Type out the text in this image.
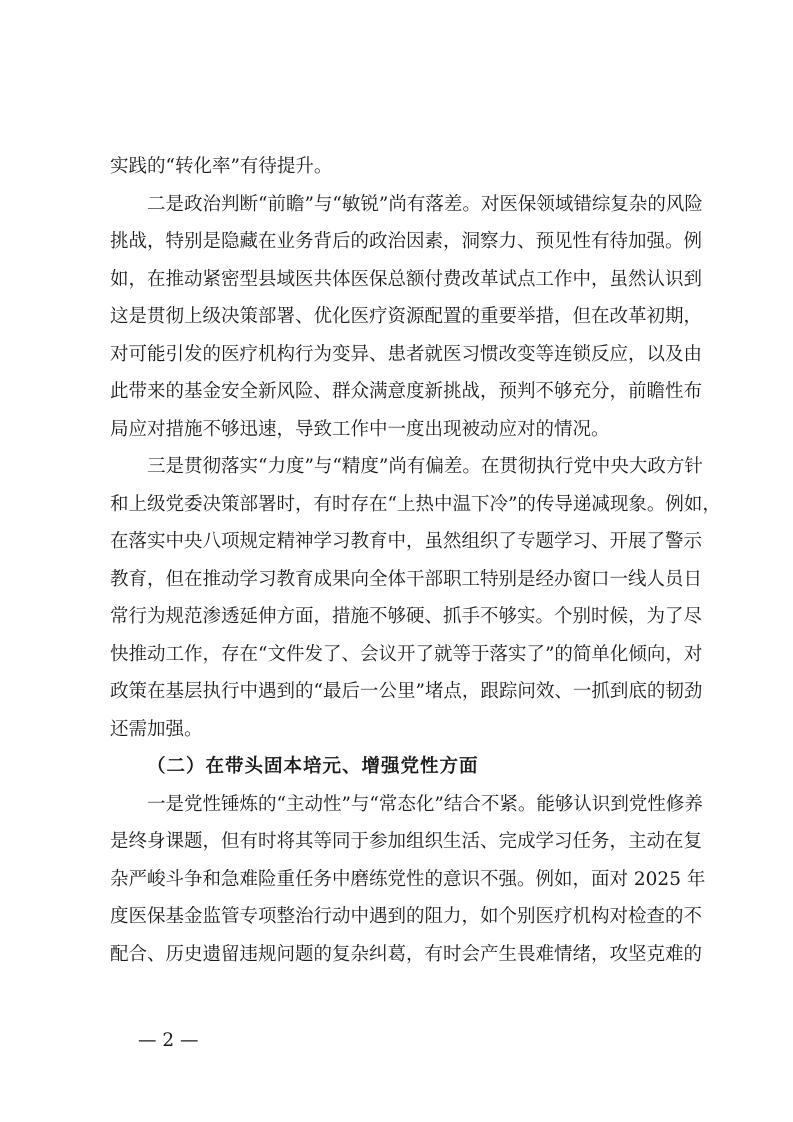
实践的“转化率”有待提升。
二是政治判断“前瞻”与“敏锐”尚有落差。对医保领域错综复杂的风险
挑战，特别是隐藏在业务背后的政治因素，洞察力、预见性有待加强。例
如，在推动紧密型县域医共体医保总额付费改革试点工作中，虽然认识到
这是贯彻上级决策部署、优化医疗资源配置的重要举措，但在改革初期，
对可能引发的医疗机构行为变异、患者就医习惯改变等连锁反应，以及由
此带来的基金安全新风险、群众满意度新挑战，预判不够充分，前瞻性布
局应对措施不够迅速，导致工作中一度出现被动应对的情况。
三是贯彻落实“力度”与“精度”尚有偏差。在贯彻执行党中央大政方针
和上级党委决策部署时，有时存在“上热中温下冷”的传导递减现象。例如，
在落实中央八项规定精神学习教育中，虽然组织了专题学习、开展了警示
教育，但在推动学习教育成果向全体干部职工特别是经办窗口一线人员日
常行为规范渗透延伸方面，措施不够硬、抓手不够实。个别时候，为了尽
快推动工作，存在“文件发了、会议开了就等于落实了”的简单化倾向，对
政策在基层执行中遇到的“最后一公里”堵点，跟踪问效、一抓到底的韧劲
还需加强。
（二）在带头固本培元、增强党性方面
一是党性锤炼的“主动性”与“常态化”结合不紧。能够认识到党性修养
是终身课题，但有时将其等同于参加组织生活、完成学习任务，主动在复
杂严峻斗争和急难险重任务中磨练党性的意识不强。例如，面对 2025 年
度医保基金监管专项整治行动中遇到的阻力，如个别医疗机构对检查的不
配合、历史遗留违规问题的复杂纠葛，有时会产生畏难情绪，攻坚克难的
— 2 —
